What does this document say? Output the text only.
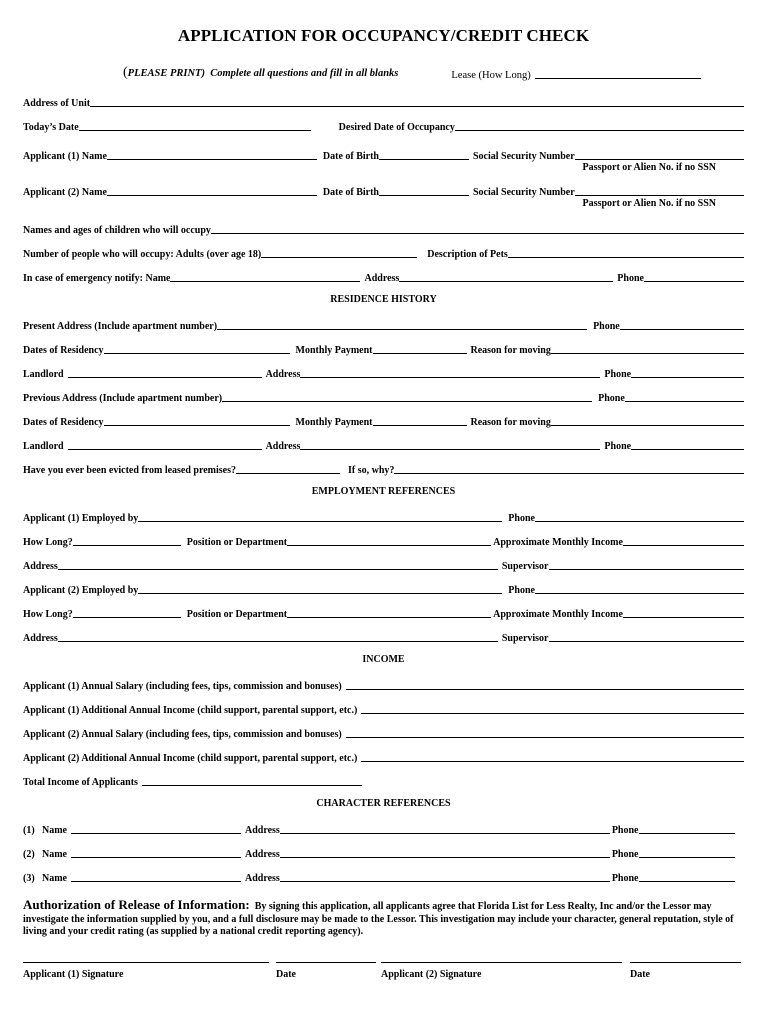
APPLICATION FOR OCCUPANCY/CREDIT CHECK
(PLEASE PRINT) Complete all questions and fill in all blanks	Lease (How Long)
Address of Unit
Today’s Date	Desired Date of Occupancy
Applicant (1) Name	Date of Birth	Social Security Number
Passport or Alien No. if no SSN
Applicant (2) Name	Date of Birth	Social Security Number
Passport or Alien No. if no SSN
Names and ages of children who will occupy
Number of people who will occupy: Adults (over age 18)	Description of Pets
In case of emergency notify: Name	Address	Phone
RESIDENCE HISTORY
Present Address (Include apartment number)	Phone
Dates of Residency	Monthly Payment	Reason for moving
Landlord	Address	Phone
Previous Address (Include apartment number)	Phone
Dates of Residency	Monthly Payment	Reason for moving
Landlord	Address	Phone
Have you ever been evicted from leased premises?	If so, why?
EMPLOYMENT REFERENCES
Applicant (1) Employed by	Phone
How Long?	Position or Department	Approximate Monthly Income
Address	Supervisor
Applicant (2) Employed by	Phone
How Long?	Position or Department	Approximate Monthly Income
Address	Supervisor
INCOME
Applicant (1) Annual Salary (including fees, tips, commission and bonuses)
Applicant (1) Additional Annual Income (child support, parental support, etc.)
Applicant (2) Annual Salary (including fees, tips, commission and bonuses)
Applicant (2) Additional Annual Income (child support, parental support, etc.)
Total Income of Applicants
CHARACTER REFERENCES
(1) Name	Address	Phone
(2) Name	Address	Phone
(3) Name	Address	Phone
Authorization of Release of Information: By signing this application, all applicants agree that Florida List for Less Realty, Inc and/or the Lessor may investigate the information supplied by you, and a full disclosure may be made to the Lessor. This investigation may include your character, general reputation, style of living and your credit rating (as supplied by a national credit reporting agency).
Applicant (1) Signature	Date	Applicant (2) Signature	Date
